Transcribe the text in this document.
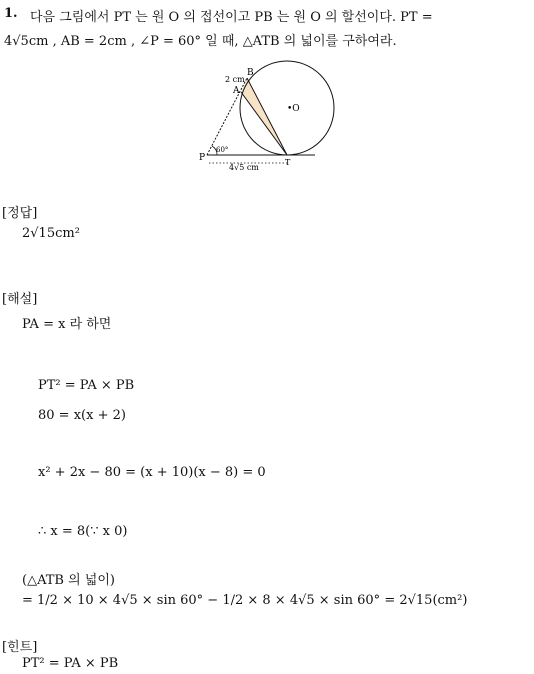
1. 다음 그림에서 PT 는 원 O 의 접선이고 PB 는 원 O 의 할선이다. PT =
4√5cm , AB = 2cm , ∠P = 60° 일 때, △ATB 의 넓이를 구하여라.
B
A
•O
P	T
2 cm
60°
4√5 cm
[정답]
2√15cm²
[해설]
PA = x 라 하면
PT² = PA × PB
80 = x(x + 2)
x² + 2x − 80 = (x + 10)(x − 8) = 0
∴ x = 8(∵ x 0)
(△ATB 의 넓이)
= 1/2 × 10 × 4√5 × sin 60° − 1/2 × 8 × 4√5 × sin 60° = 2√15(cm²)
[힌트]
PT² = PA × PB
